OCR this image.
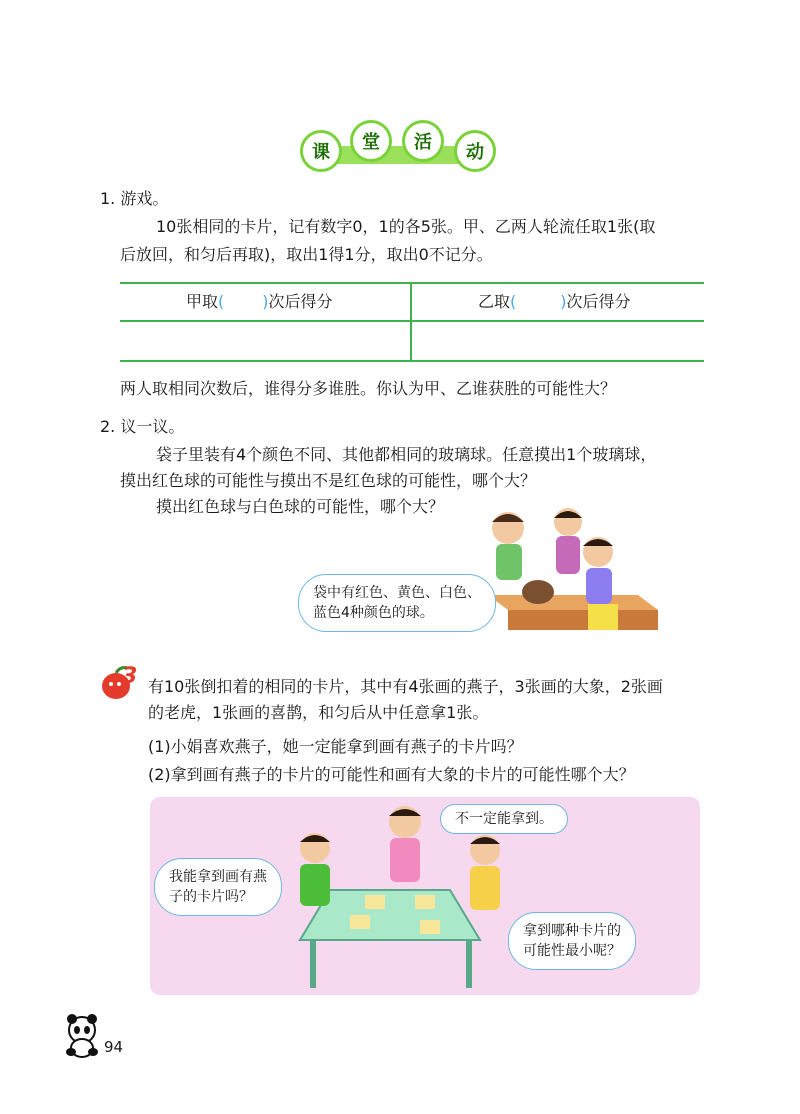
课	堂	活	动
1. 游戏。
10张相同的卡片，记有数字0，1的各5张。甲、乙两人轮流任取1张(取
后放回，和匀后再取)，取出1得1分，取出0不记分。
甲取( )次后得分	乙取(	)次后得分
两人取相同次数后，谁得分多谁胜。你认为甲、乙谁获胜的可能性大？
2. 议一议。
袋子里装有4个颜色不同、其他都相同的玻璃球。任意摸出1个玻璃球，
摸出红色球的可能性与摸出不是红色球的可能性，哪个大？
摸出红色球与白色球的可能性，哪个大？
袋中有红色、黄色、白色、
蓝色4种颜色的球。
3 有10张倒扣着的相同的卡片，其中有4张画的燕子，3张画的大象，2张画
的老虎，1张画的喜鹊，和匀后从中任意拿1张。
(1)小娟喜欢燕子，她一定能拿到画有燕子的卡片吗？
(2)拿到画有燕子的卡片的可能性和画有大象的卡片的可能性哪个大？
不一定能拿到。
我能拿到画有燕
子的卡片吗？
拿到哪种卡片的
可能性最小呢？
94
